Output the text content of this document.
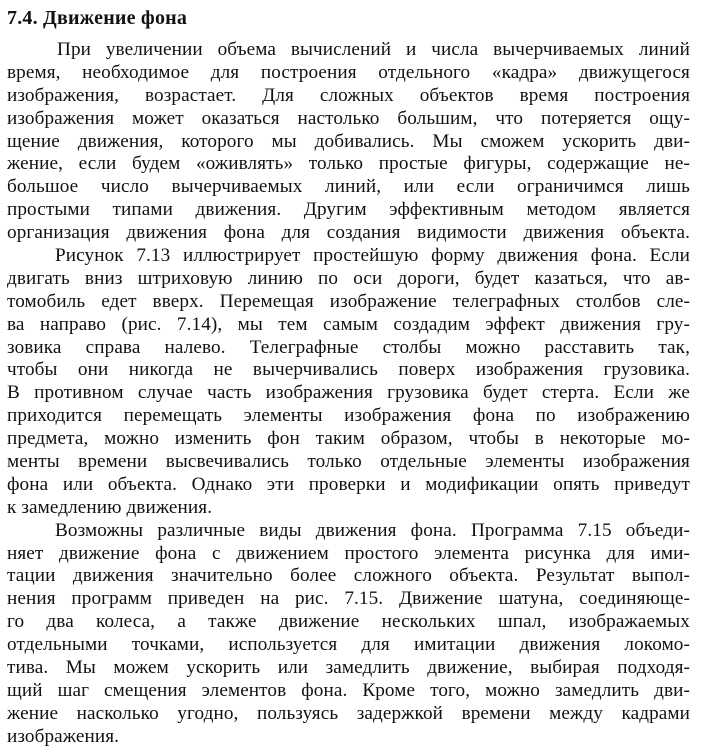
7.4. Движение фона
При увеличении объема вычислений и числа вычерчиваемых линий
время, необходимое для построения отдельного «кадра» движущегося
изображения, возрастает. Для сложных объектов время построения
изображения может оказаться настолько большим, что потеряется ощу-
щение движения, которого мы добивались. Мы сможем ускорить дви-
жение, если будем «оживлять» только простые фигуры, содержащие не-
большое число вычерчиваемых линий, или если ограничимся лишь
простыми типами движения. Другим эффективным методом является
организация движения фона для создания видимости движения объекта.
Рисунок 7.13 иллюстрирует простейшую форму движения фона. Если
двигать вниз штриховую линию по оси дороги, будет казаться, что ав-
томобиль едет вверх. Перемещая изображение телеграфных столбов сле-
ва направо (рис. 7.14), мы тем самым создадим эффект движения гру-
зовика справа налево. Телеграфные столбы можно расставить так,
чтобы они никогда не вычерчивались поверх изображения грузовика.
В противном случае часть изображения грузовика будет стерта. Если же
приходится перемещать элементы изображения фона по изображению
предмета, можно изменить фон таким образом, чтобы в некоторые мо-
менты времени высвечивались только отдельные элементы изображения
фона или объекта. Однако эти проверки и модификации опять приведут
к замедлению движения.
Возможны различные виды движения фона. Программа 7.15 объеди-
няет движение фона с движением простого элемента рисунка для ими-
тации движения значительно более сложного объекта. Результат выпол-
нения программ приведен на рис. 7.15. Движение шатуна, соединяюще-
го два колеса, а также движение нескольких шпал, изображаемых
отдельными точками, используется для имитации движения локомо-
тива. Мы можем ускорить или замедлить движение, выбирая подходя-
щий шаг смещения элементов фона. Кроме того, можно замедлить дви-
жение насколько угодно, пользуясь задержкой времени между кадрами
изображения.
